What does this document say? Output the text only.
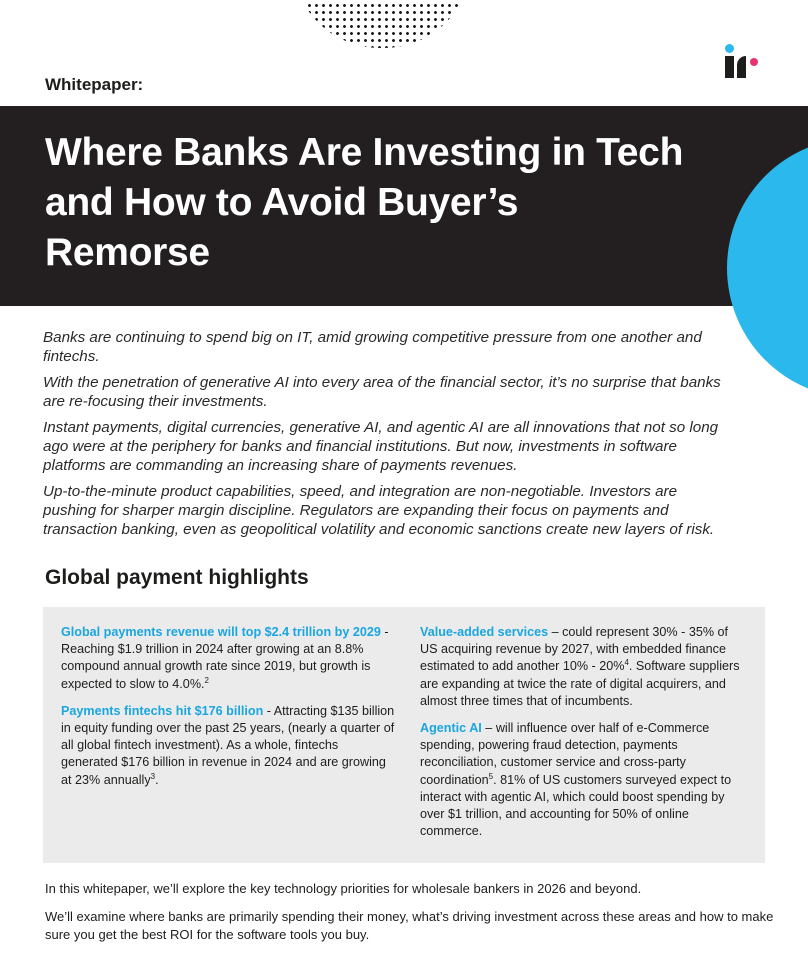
Whitepaper:

Where Banks Are Investing in Tech and How to Avoid Buyer’s Remorse

Banks are continuing to spend big on IT, amid growing competitive pressure from one another and fintechs.

With the penetration of generative AI into every area of the financial sector, it’s no surprise that banks are re-focusing their investments.

Instant payments, digital currencies, generative AI, and agentic AI are all innovations that not so long ago were at the periphery for banks and financial institutions. But now, investments in software platforms are commanding an increasing share of payments revenues.

Up-to-the-minute product capabilities, speed, and integration are non-negotiable. Investors are pushing for sharper margin discipline. Regulators are expanding their focus on payments and transaction banking, even as geopolitical volatility and economic sanctions create new layers of risk.

Global payment highlights

Global payments revenue will top $2.4 trillion by 2029 - Reaching $1.9 trillion in 2024 after growing at an 8.8% compound annual growth rate since 2019, but growth is expected to slow to 4.0%.$^2$

Payments fintechs hit $176 billion - Attracting $135 billion in equity funding over the past 25 years, (nearly a quarter of all global fintech investment). As a whole, fintechs generated $176 billion in revenue in 2024 and are growing at 23% annually$^3$.

Value-added services – could represent 30% - 35% of US acquiring revenue by 2027, with embedded finance estimated to add another 10% - 20%$^4$. Software suppliers are expanding at twice the rate of digital acquirers, and almost three times that of incumbents.

Agentic AI – will influence over half of e-Commerce spending, powering fraud detection, payments reconciliation, customer service and cross-party coordination$^5$. 81% of US customers surveyed expect to interact with agentic AI, which could boost spending by over $1 trillion, and accounting for 50% of online commerce.

In this whitepaper, we’ll explore the key technology priorities for wholesale bankers in 2026 and beyond.

We’ll examine where banks are primarily spending their money, what’s driving investment across these areas and how to make sure you get the best ROI for the software tools you buy.
